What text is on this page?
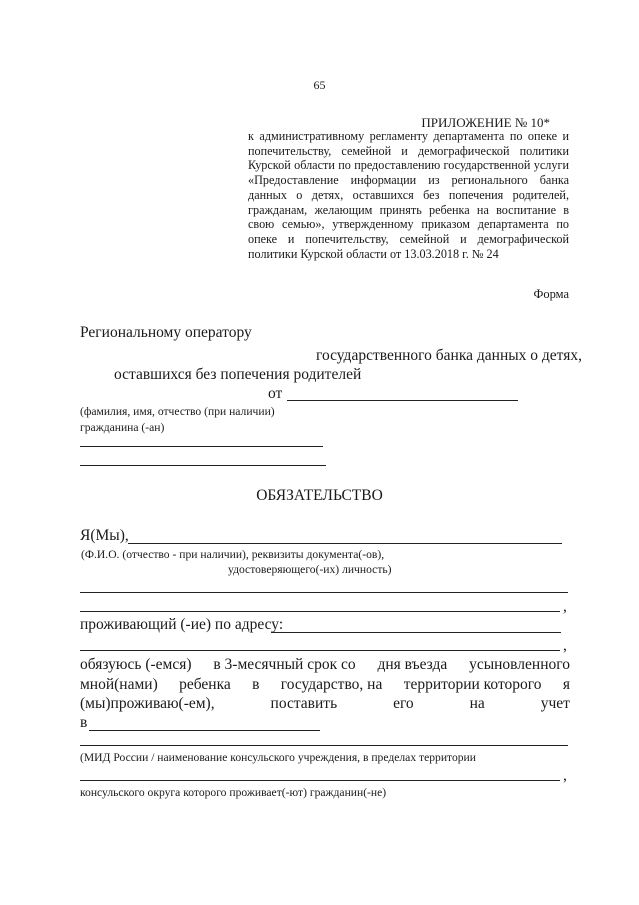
65
ПРИЛОЖЕНИЕ № 10*
к административному регламенту департамента по опеке и попечительству, семейной и демографической политики Курской области по предоставлению государственной услуги «Предоставление информации из регионального банка данных о детях, оставшихся без попечения родителей, гражданам, желающим принять ребенка на воспитание в свою семью», утвержденному приказом департамента по опеке и попечительству, семейной и демографической политики Курской области от 13.03.2018 г. № 24
Форма
Региональному оператору
государственного банка данных о детях,
оставшихся без попечения родителей
от
(фамилия, имя, отчество (при наличии)
гражданина (-ан)
ОБЯЗАТЕЛЬСТВО
Я(Мы),
(Ф.И.О. (отчество - при наличии), реквизиты документа(-ов),
удостоверяющего(-их) личность)
,
проживающий (-ие) по адресу:
,
обязуюсь (-емся) в 3-месячный срок со дня въезда усыновленного
мной(нами) ребенка в государство, на территории которого я
(мы)проживаю(-ем),	поставить	его	на	учет
в
(МИД России / наименование консульского учреждения, в пределах территории
,
консульского округа которого проживает(-ют) гражданин(-не)
